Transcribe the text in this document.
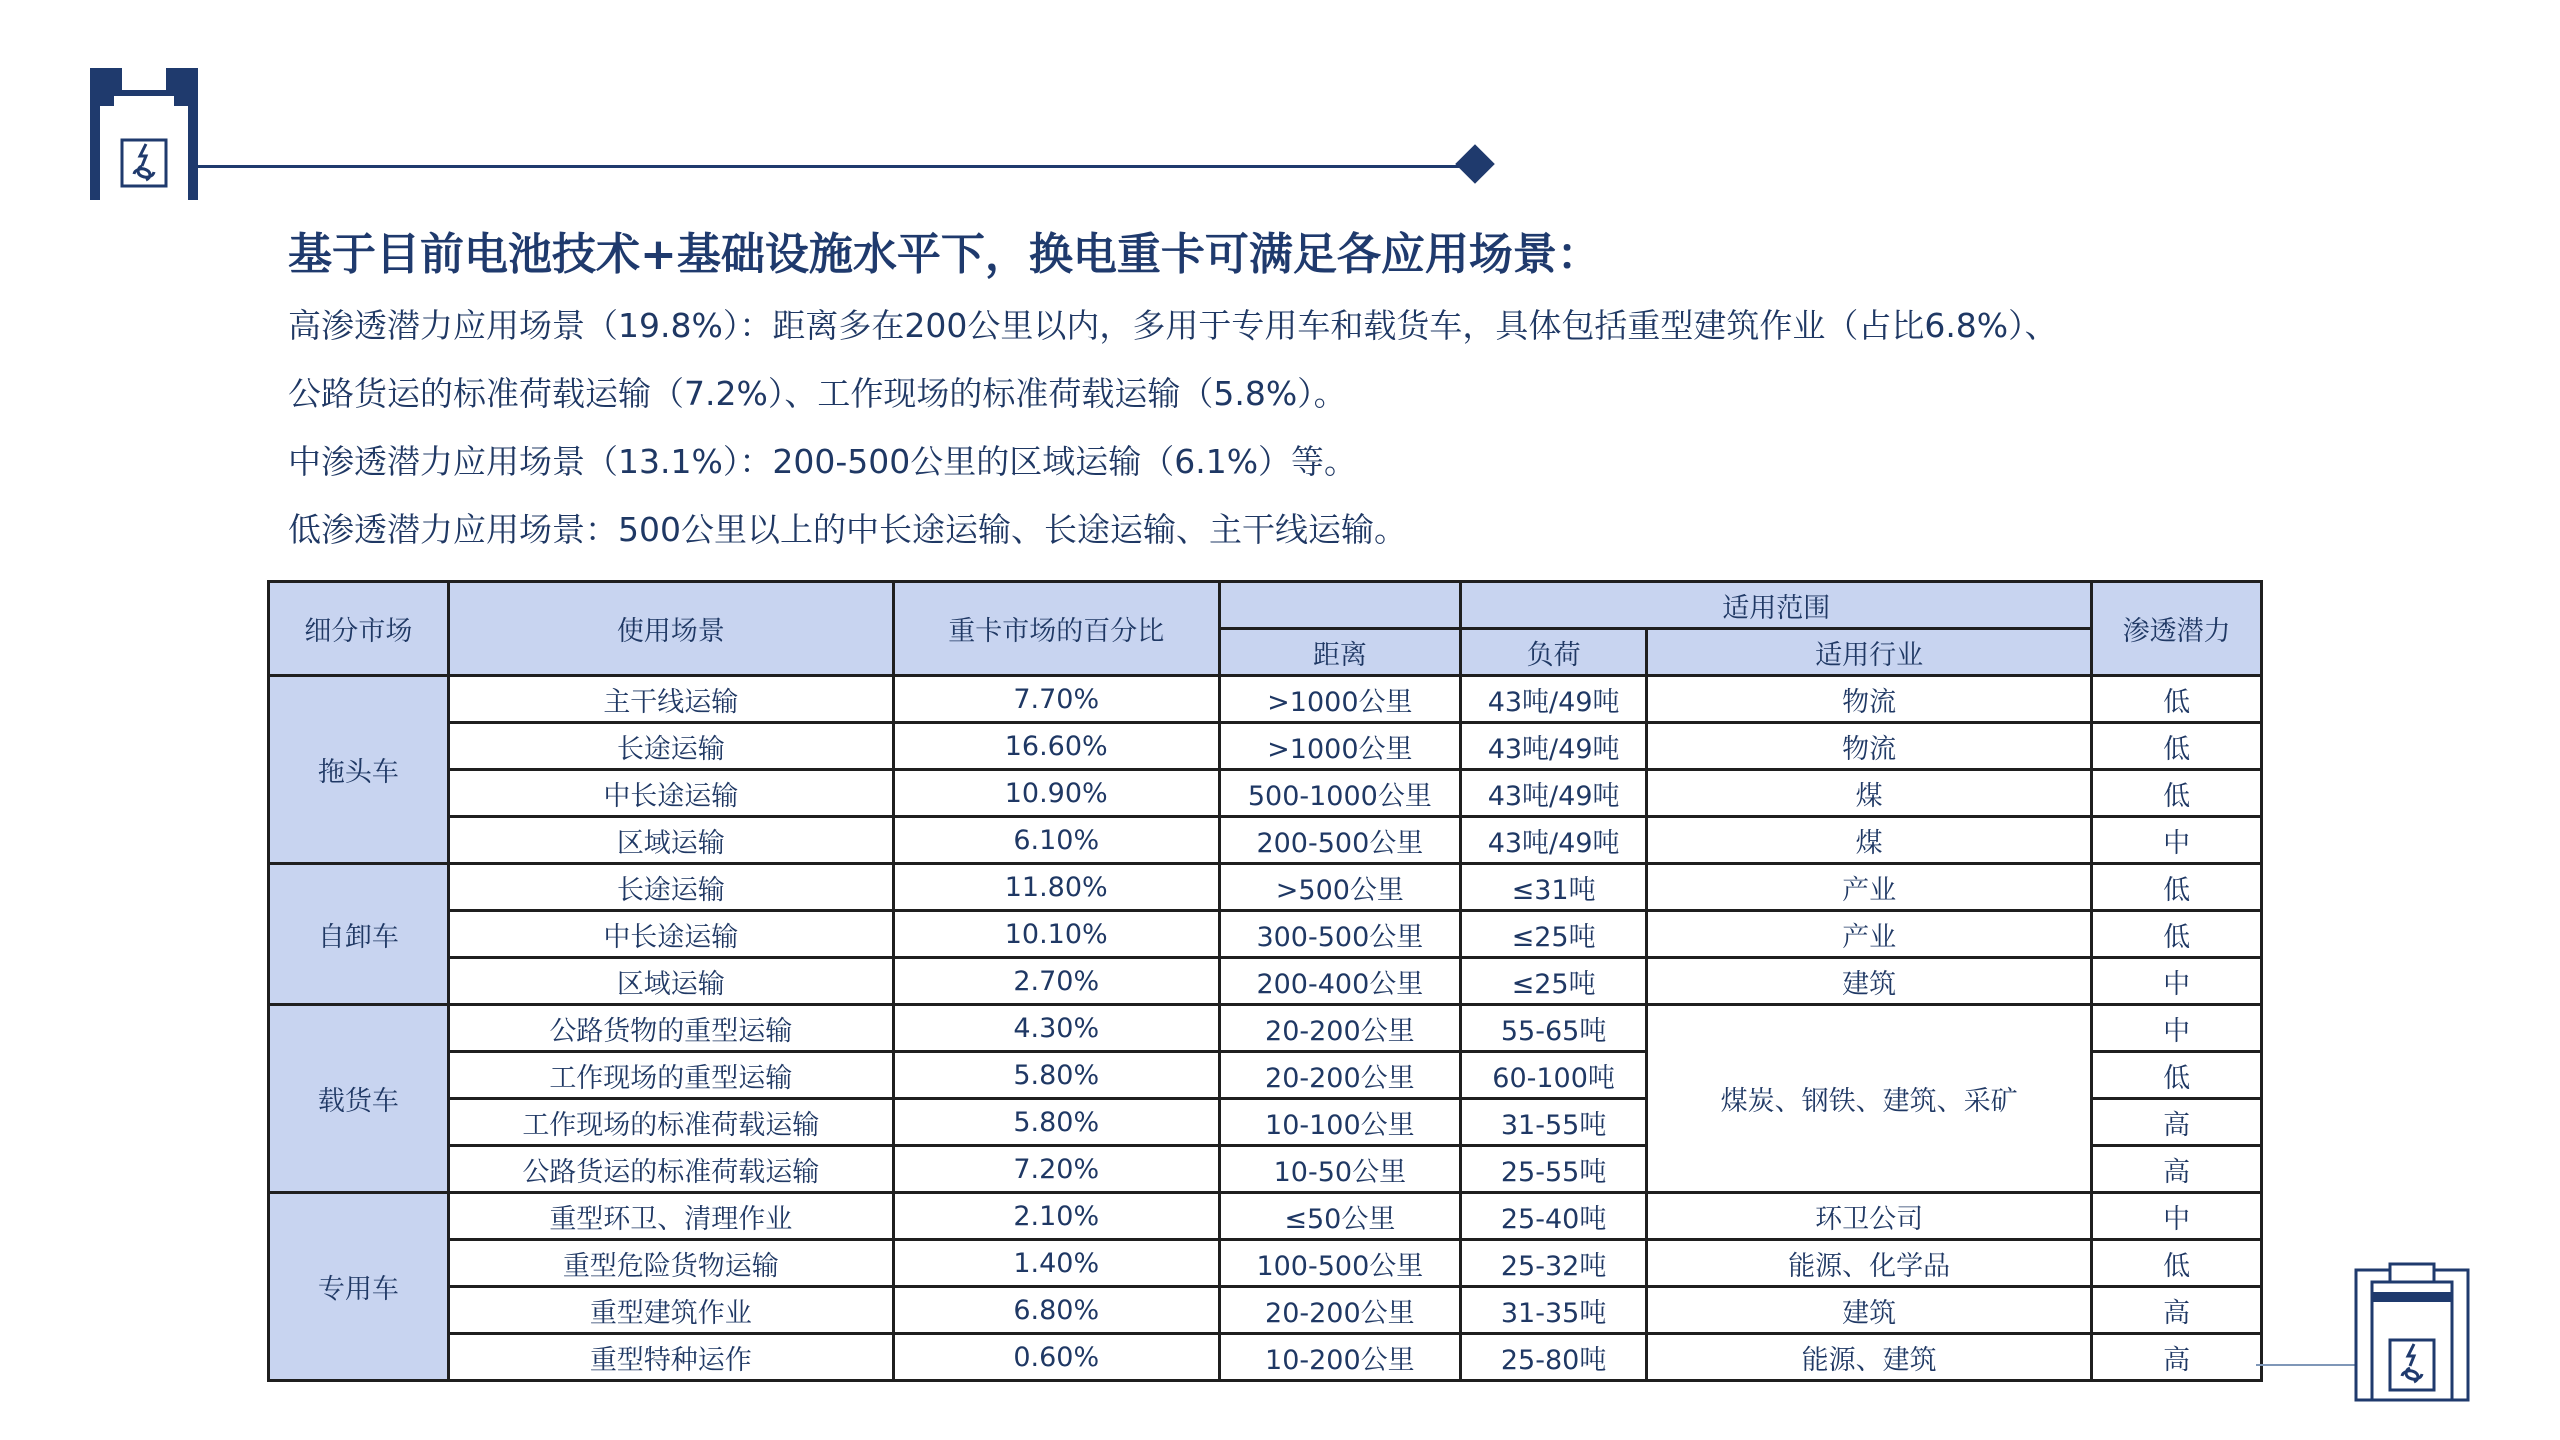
基于目前电池技术+基础设施水平下，换电重卡可满足各应用场景：
高渗透潜力应用场景（19.8%）：距离多在200公里以内，多用于专用车和载货车，具体包括重型建筑作业（占比6.8%）、
公路货运的标准荷载运输（7.2%）、工作现场的标准荷载运输（5.8%）。
中渗透潜力应用场景（13.1%）：200-500公里的区域运输（6.1%）等。
低渗透潜力应用场景：500公里以上的中长途运输、长途运输、主干线运输。
细分市场	使用场景	重卡市场的百分比		适用范围		渗透潜力
			距离	负荷	适用行业	
拖头车	主干线运输	7.70%	>1000公里	43吨/49吨	物流	低
	长途运输	16.60%	>1000公里	43吨/49吨	物流	低
	中长途运输	10.90%	500-1000公里	43吨/49吨	煤	低
	区域运输	6.10%	200-500公里	43吨/49吨	煤	中
自卸车	长途运输	11.80%	>500公里	≤31吨	产业	低
	中长途运输	10.10%	300-500公里	≤25吨	产业	低
	区域运输	2.70%	200-400公里	≤25吨	建筑	中
载货车	公路货物的重型运输	4.30%	20-200公里	55-65吨	煤炭、钢铁、建筑、采矿	中
	工作现场的重型运输	5.80%	20-200公里	60-100吨		低
	工作现场的标准荷载运输	5.80%	10-100公里	31-55吨		高
	公路货运的标准荷载运输	7.20%	10-50公里	25-55吨		高
专用车	重型环卫、清理作业	2.10%	≤50公里	25-40吨	环卫公司	中
	重型危险货物运输	1.40%	100-500公里	25-32吨	能源、化学品	低
	重型建筑作业	6.80%	20-200公里	31-35吨	建筑	高
	重型特种运作	0.60%	10-200公里	25-80吨	能源、建筑	高
